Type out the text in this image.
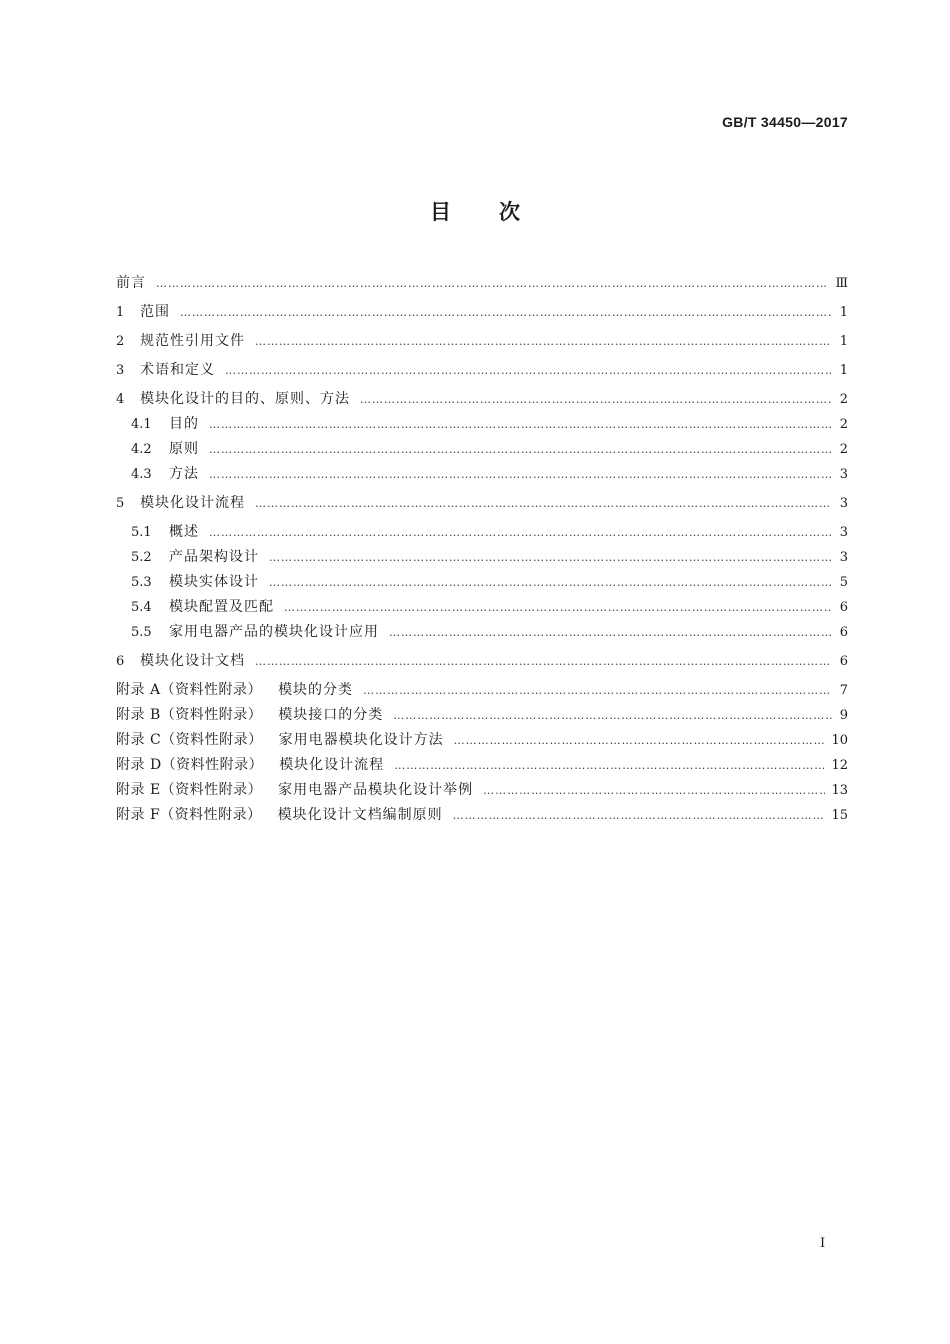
GB/T 34450—2017
目 次
前言 ………………………………………………………………………………………………………………………………………………………………………………………………	Ⅲ
1	范围 ………………………………………………………………………………………………………………………………………………………………………………………………	1
2	规范性引用文件 ………………………………………………………………………………………………………………………………………………………………………………………………	1
3	术语和定义 ………………………………………………………………………………………………………………………………………………………………………………………………	1
4	模块化设计的目的、原则、方法 ………………………………………………………………………………………………………………………………………………………………………………………………	2
4.1	目的 ………………………………………………………………………………………………………………………………………………………………………………………………	2
4.2	原则 ………………………………………………………………………………………………………………………………………………………………………………………………	2
4.3	方法 ………………………………………………………………………………………………………………………………………………………………………………………………	3
5	模块化设计流程 ………………………………………………………………………………………………………………………………………………………………………………………………	3
5.1	概述 ………………………………………………………………………………………………………………………………………………………………………………………………	3
5.2	产品架构设计 ………………………………………………………………………………………………………………………………………………………………………………………………	3
5.3	模块实体设计 ………………………………………………………………………………………………………………………………………………………………………………………………	5
5.4	模块配置及匹配 ………………………………………………………………………………………………………………………………………………………………………………………………	6
5.5	家用电器产品的模块化设计应用 ………………………………………………………………………………………………………………………………………………………………………………………………	6
6	模块化设计文档 ………………………………………………………………………………………………………………………………………………………………………………………………	6
附录 A（资料性附录） 模块的分类 ………………………………………………………………………………………………………………………………………………………………………………………………	7
附录 B（资料性附录） 模块接口的分类 ………………………………………………………………………………………………………………………………………………………………………………………………	9
附录 C（资料性附录） 家用电器模块化设计方法 ………………………………………………………………………………………………………………………………………………………………………………………………	10
附录 D（资料性附录） 模块化设计流程 ………………………………………………………………………………………………………………………………………………………………………………………………	12
附录 E（资料性附录） 家用电器产品模块化设计举例 ………………………………………………………………………………………………………………………………………………………………………………………………	13
附录 F（资料性附录） 模块化设计文档编制原则 ………………………………………………………………………………………………………………………………………………………………………………………………	15
I
